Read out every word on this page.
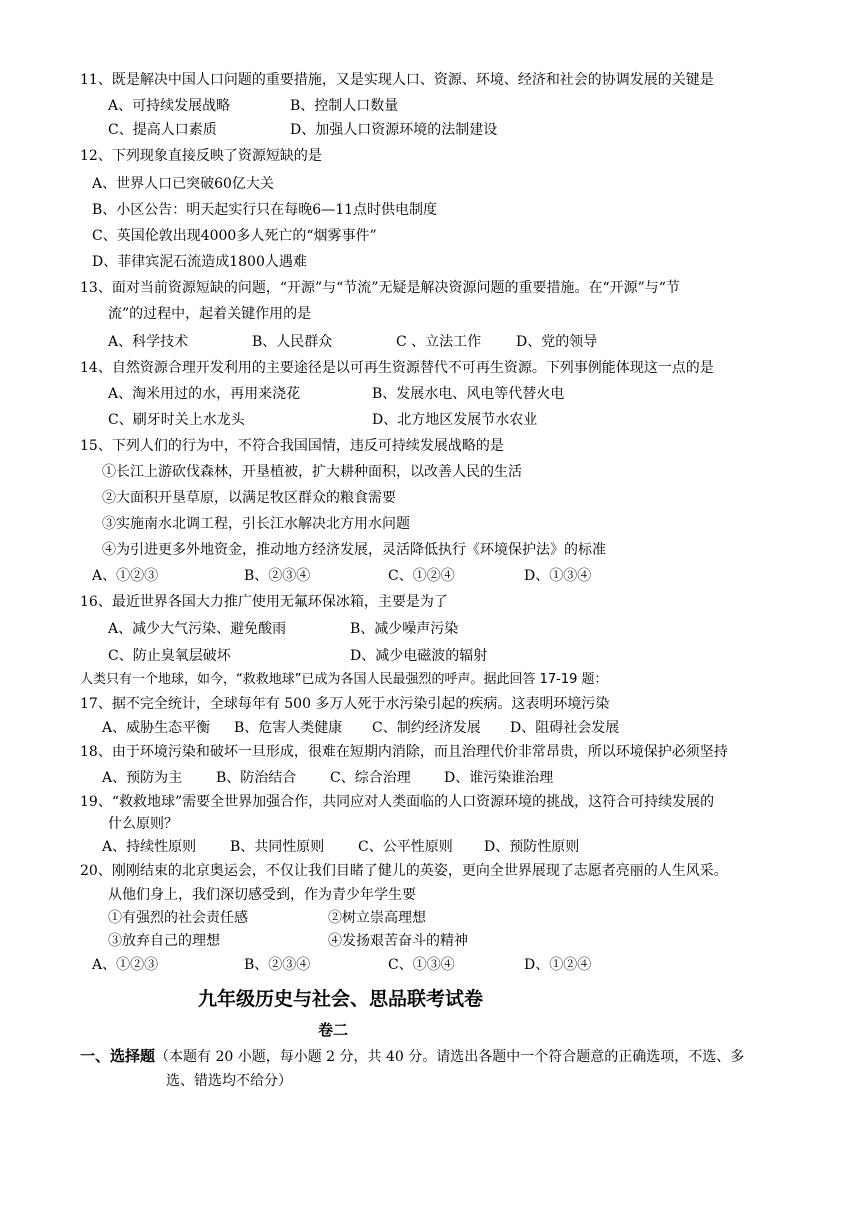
11、既是解决中国人口问题的重要措施，又是实现人口、资源、环境、经济和社会的协调发展的关键是
A、可持续发展战略	B、控制人口数量
C、提高人口素质	D、加强人口资源环境的法制建设
12、下列现象直接反映了资源短缺的是
A、世界人口已突破60亿大关
B、小区公告：明天起实行只在每晚6—11点时供电制度
C、英国伦敦出现4000多人死亡的“烟雾事件”
D、菲律宾泥石流造成1800人遇难
13、面对当前资源短缺的问题，“开源”与“节流”无疑是解决资源问题的重要措施。在“开源”与“节
流”的过程中，起着关键作用的是
A、科学技术	B、人民群众	C 、立法工作 D、党的领导
14、自然资源合理开发利用的主要途径是以可再生资源替代不可再生资源。下列事例能体现这一点的是
A、淘米用过的水，再用来浇花	B、发展水电、风电等代替火电
C、刷牙时关上水龙头	D、北方地区发展节水农业
15、下列人们的行为中，不符合我国国情，违反可持续发展战略的是
①长江上游砍伐森林，开垦植被，扩大耕种面积，以改善人民的生活
②大面积开垦草原，以满足牧区群众的粮食需要
③实施南水北调工程，引长江水解决北方用水问题
④为引进更多外地资金，推动地方经济发展，灵活降低执行《环境保护法》的标准
A、①②③	B、②③④	C、①②④	D、①③④
16、最近世界各国大力推广使用无氟环保冰箱，主要是为了
A、减少大气污染、避免酸雨	B、减少噪声污染
C、防止臭氧层破坏	D、减少电磁波的辐射
人类只有一个地球，如今，“救救地球”已成为各国人民最强烈的呼声。据此回答 17-19 题：
17、据不完全统计，全球每年有 500 多万人死于水污染引起的疾病。这表明环境污染
A、威胁生态平衡 B、危害人类健康 C、制约经济发展 D、阻碍社会发展
18、由于环境污染和破坏一旦形成，很难在短期内消除，而且治理代价非常昂贵，所以环境保护必须坚持
A、预防为主 B、防治结合 C、综合治理 D、谁污染谁治理
19、“救救地球”需要全世界加强合作，共同应对人类面临的人口资源环境的挑战，这符合可持续发展的
什么原则？
A、持续性原则 B、共同性原则 C、公平性原则 D、预防性原则
20、刚刚结束的北京奥运会，不仅让我们目睹了健儿的英姿，更向全世界展现了志愿者亮丽的人生风采。
从他们身上，我们深切感受到，作为青少年学生要
①有强烈的社会责任感	②树立崇高理想
③放弃自己的理想	④发扬艰苦奋斗的精神
A、①②③	B、②③④	C、①③④	D、①②④
九年级历史与社会、思品联考试卷
卷二
一、选择题（本题有 20 小题，每小题 2 分，共 40 分。请选出各题中一个符合题意的正确选项，不选、多
选、错选均不给分）
